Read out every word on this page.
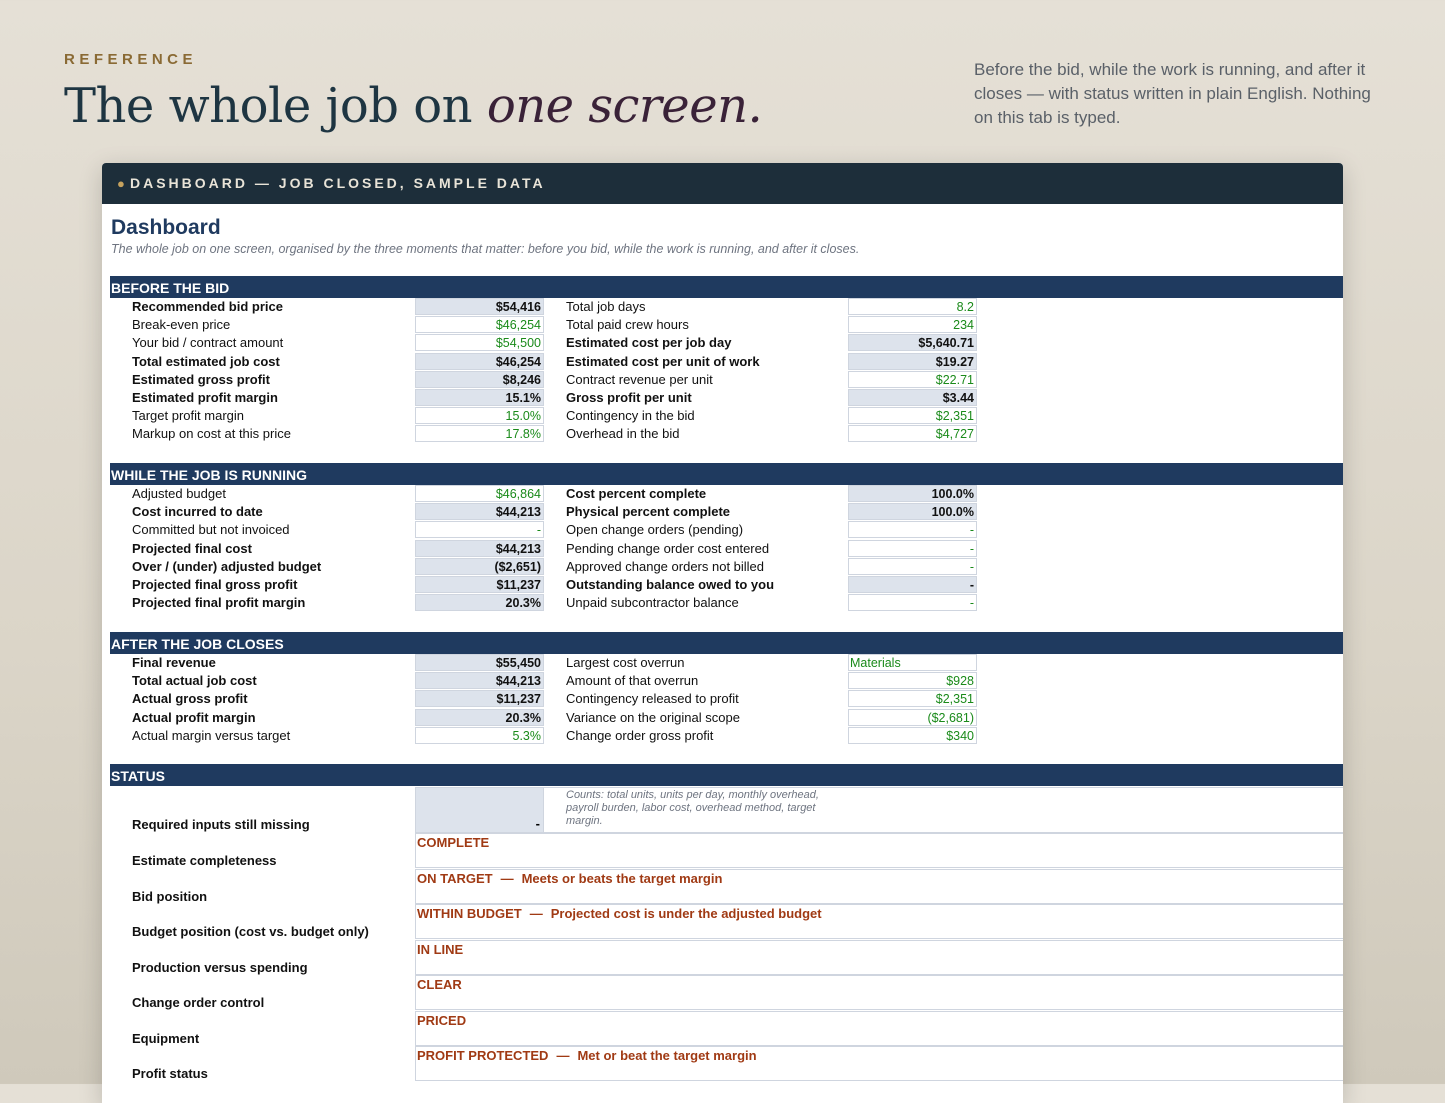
REFERENCE
The whole job on one screen.
Before the bid, while the work is running, and after it closes — with status written in plain English. Nothing on this tab is typed.
● DASHBOARD — JOB CLOSED, SAMPLE DATA
Dashboard
The whole job on one screen, organised by the three moments that matter: before you bid, while the work is running, and after it closes.
BEFORE THE BID
Recommended bid price	$54,416 Total job days	8.2
Break-even price	$46,254 Total paid crew hours	234
Your bid / contract amount	$54,500 Estimated cost per job day	$5,640.71
Total estimated job cost	$46,254 Estimated cost per unit of work	$19.27
Estimated gross profit	$8,246 Contract revenue per unit	$22.71
Estimated profit margin	15.1% Gross profit per unit	$3.44
Target profit margin	15.0% Contingency in the bid	$2,351
Markup on cost at this price	17.8% Overhead in the bid	$4,727
WHILE THE JOB IS RUNNING
Adjusted budget	$46,864 Cost percent complete	100.0%
Cost incurred to date	$44,213 Physical percent complete	100.0%
Committed but not invoiced	- Open change orders (pending)	-
Projected final cost	$44,213 Pending change order cost entered	-
Over / (under) adjusted budget	($2,651) Approved change orders not billed	-
Projected final gross profit	$11,237 Outstanding balance owed to you	-
Projected final profit margin	20.3% Unpaid subcontractor balance	-
AFTER THE JOB CLOSES
Final revenue	$55,450 Largest cost overrun	Materials
Total actual job cost	$44,213 Amount of that overrun	$928
Actual gross profit	$11,237 Contingency released to profit	$2,351
Actual profit margin	20.3% Variance on the original scope	($2,681)
Actual margin versus target	5.3% Change order gross profit	$340
STATUS
Required inputs still missing	-
Counts: total units, units per day, monthly overhead, payroll burden, labor cost, overhead method, target margin.
Estimate completeness
COMPLETE
Bid position
ON TARGET — Meets or beats the target margin
Budget position (cost vs. budget only)
WITHIN BUDGET — Projected cost is under the adjusted budget
Production versus spending
IN LINE
Change order control
CLEAR
Equipment
PRICED
Profit status
PROFIT PROTECTED — Met or beat the target margin
